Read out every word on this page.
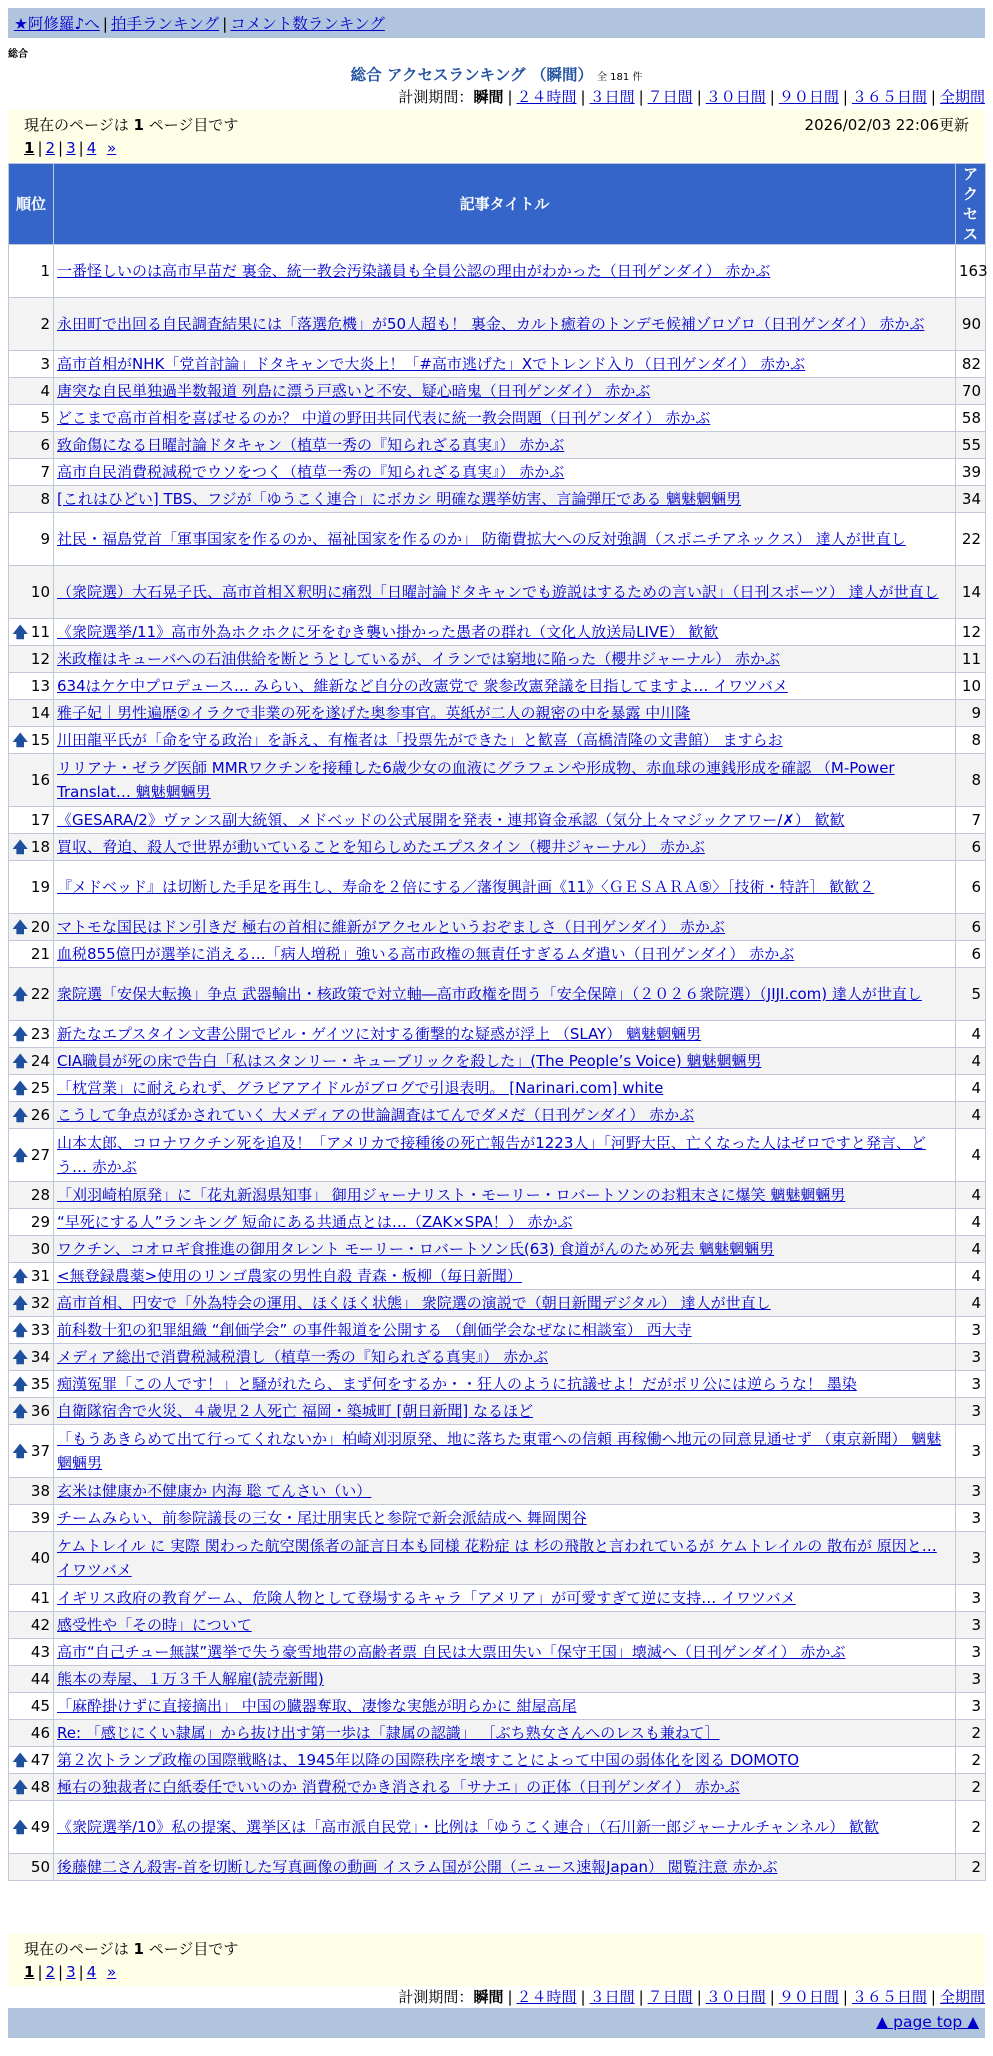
★阿修羅♪へ | 拍手ランキング | コメント数ランキング
総合
総合 アクセスランキング （瞬間） 全 181 件
計測期間：瞬間 | ２４時間 | ３日間 | ７日間 | ３０日間 | ９０日間 | ３６５日間 | 全期間
現在のページは 1 ページ目です	2026/02/03 22:06更新
1 | 2 | 3 | 4 »
順位	記事タイトル	アクセス
1	一番怪しいのは高市早苗だ 裏金、統一教会汚染議員も全員公認の理由がわかった（日刊ゲンダイ） 赤かぶ	163
2	永田町で出回る自民調査結果には「落選危機」が50人超も！ 裏金、カルト癒着のトンデモ候補ゾロゾロ（日刊ゲンダイ） 赤かぶ	90
3	高市首相がNHK「党首討論」ドタキャンで大炎上！「#高市逃げた」Xでトレンド入り（日刊ゲンダイ） 赤かぶ	82
4	唐突な自民単独過半数報道 列島に漂う戸惑いと不安、疑心暗鬼（日刊ゲンダイ） 赤かぶ	70
5	どこまで高市首相を喜ばせるのか？ 中道の野田共同代表に統一教会問題（日刊ゲンダイ） 赤かぶ	58
6	致命傷になる日曜討論ドタキャン（植草一秀の『知られざる真実』） 赤かぶ	55
7	高市自民消費税減税でウソをつく（植草一秀の『知られざる真実』） 赤かぶ	39
8	[これはひどい] TBS、フジが「ゆうこく連合」にボカシ 明確な選挙妨害、言論弾圧である 魑魅魍魎男	34
9	社民・福島党首「軍事国家を作るのか、福祉国家を作るのか」 防衛費拡大への反対強調（スポニチアネックス） 達人が世直し	22
10	（衆院選）大石晃子氏、高市首相Ｘ釈明に痛烈「日曜討論ドタキャンでも遊説はするための言い訳」（日刊スポーツ） 達人が世直し	14
🡅 11	《衆院選挙/11》高市外為ホクホクに牙をむき襲い掛かった愚者の群れ（文化人放送局LIVE） 歓歓	12
12	米政権はキューバへの石油供給を断とうとしているが、イランでは窮地に陥った（櫻井ジャーナル） 赤かぶ	11
13	634はケケ中プロデュース… みらい、維新など自分の改憲党で 衆参改憲発議を目指してますよ… イワツバメ	10
14	雅子妃｜男性遍歴②イラクで非業の死を遂げた奥参事官。英紙が二人の親密の中を暴露 中川隆	9
🡅 15	川田龍平氏が「命を守る政治」を訴え、有権者は「投票先ができた」と歓喜（高橋清隆の文書館） ますらお	8
16	リリアナ・ゼラグ医師 MMRワクチンを接種した6歳少女の血液にグラフェンや形成物、赤血球の連銭形成を確認 （M-Power Translat… 魑魅魍魎男	8
17	《GESARA/2》ヴァンス副大統領、メドベッドの公式展開を発表・連邦資金承認（気分上々マジックアワー/✗） 歓歓	7
🡅 18	買収、脅迫、殺人で世界が動いていることを知らしめたエプスタイン（櫻井ジャーナル） 赤かぶ	6
19	『メドベッド』は切断した手足を再生し、寿命を２倍にする／藩復興計画《11》〈ＧＥＳＡＲＡ⑤〉［技術・特許］ 歓歓２	6
🡅 20	マトモな国民はドン引きだ 極右の首相に維新がアクセルというおぞましさ（日刊ゲンダイ） 赤かぶ	6
21	血税855億円が選挙に消える…「病人増税」強いる高市政権の無責任すぎるムダ遣い（日刊ゲンダイ） 赤かぶ	6
🡅 22	衆院選「安保大転換」争点 武器輸出・核政策で対立軸―高市政権を問う「安全保障」（２０２６衆院選）（JIJI.com) 達人が世直し	5
🡅 23	新たなエプスタイン文書公開でビル・ゲイツに対する衝撃的な疑惑が浮上 （SLAY） 魑魅魍魎男	4
🡅 24	CIA職員が死の床で告白「私はスタンリー・キューブリックを殺した」(The People’s Voice) 魑魅魍魎男	4
🡅 25	「枕営業」に耐えられず、グラビアアイドルがブログで引退表明。 [Narinari.com] white	4
🡅 26	こうして争点がぼかされていく 大メディアの世論調査はてんでダメだ（日刊ゲンダイ） 赤かぶ	4
🡅 27	山本太郎、コロナワクチン死を追及！「アメリカで接種後の死亡報告が1223人」「河野大臣、亡くなった人はゼロですと発言、どう… 赤かぶ	4
28	「刈羽崎柏原発」に「花丸新潟県知事」 御用ジャーナリスト・モーリー・ロバートソンのお粗末さに爆笑 魑魅魍魎男	4
29	“早死にする人”ランキング 短命にある共通点とは…（ZAK×SPA！） 赤かぶ	4
30	ワクチン、コオロギ食推進の御用タレント モーリー・ロバートソン氏(63) 食道がんのため死去 魑魅魍魎男	4
🡅 31	<無登録農薬>使用のリンゴ農家の男性自殺 青森・板柳（毎日新聞）	4
🡅 32	高市首相、円安で「外為特会の運用、ほくほく状態」 衆院選の演説で（朝日新聞デジタル） 達人が世直し	4
🡅 33	前科数十犯の犯罪組織 “創価学会” の事件報道を公開する （創価学会なぜなに相談室） 西大寺	3
🡅 34	メディア総出で消費税減税潰し（植草一秀の『知られざる真実』） 赤かぶ	3
🡅 35	痴漢冤罪「この人です！」と騒がれたら、まず何をするか・・狂人のように抗議せよ！だがポリ公には逆らうな！ 墨染	3
🡅 36	自衛隊宿舎で火災、４歳児２人死亡 福岡・築城町 [朝日新聞] なるほど	3
🡅 37	「もうあきらめて出て行ってくれないか」柏崎刈羽原発、地に落ちた東電への信頼 再稼働へ地元の同意見通せず （東京新聞） 魑魅魍魎男	3
38	玄米は健康か不健康か 内海 聡 てんさい（い）	3
39	チームみらい、前参院議長の三女・尾辻朋実氏と参院で新会派結成へ 舞岡関谷	3
40	ケムトレイル に 実際 関わった航空関係者の証言日本も同様 花粉症 は 杉の飛散と言われているが ケムトレイルの 散布が 原因と… イワツバメ	3
41	イギリス政府の教育ゲーム、危険人物として登場するキャラ「アメリア」が可愛すぎて逆に支持… イワツバメ	3
42	感受性や「その時」について	3
43	高市“自己チュー無謀”選挙で失う豪雪地帯の高齢者票 自民は大票田失い「保守王国」壊滅へ（日刊ゲンダイ） 赤かぶ	3
44	熊本の寿屋、１万３千人解雇(読売新聞)	3
45	「麻酔掛けずに直接摘出」 中国の臓器奪取、凄惨な実態が明らかに 紺屋高尾	3
46	Re: 「感じにくい隷属」から抜け出す第一歩は「隷属の認識」 ［ぶち熟女さんへのレスも兼ねて］	2
🡅 47	第２次トランプ政権の国際戦略は、1945年以降の国際秩序を壊すことによって中国の弱体化を図る DOMOTO	2
🡅 48	極右の独裁者に白紙委任でいいのか 消費税でかき消される「サナエ」の正体（日刊ゲンダイ） 赤かぶ	2
🡅 49	《衆院選挙/10》私の提案、選挙区は「高市派自民党」・比例は「ゆうこく連合」（石川新一郎ジャーナルチャンネル） 歓歓	2
50	後藤健二さん殺害-首を切断した写真画像の動画 イスラム国が公開（ニュース速報Japan） 閲覧注意 赤かぶ	2
現在のページは 1 ページ目です
1 | 2 | 3 | 4 »
計測期間：瞬間 | ２４時間 | ３日間 | ７日間 | ３０日間 | ９０日間 | ３６５日間 | 全期間
▲ page top ▲
